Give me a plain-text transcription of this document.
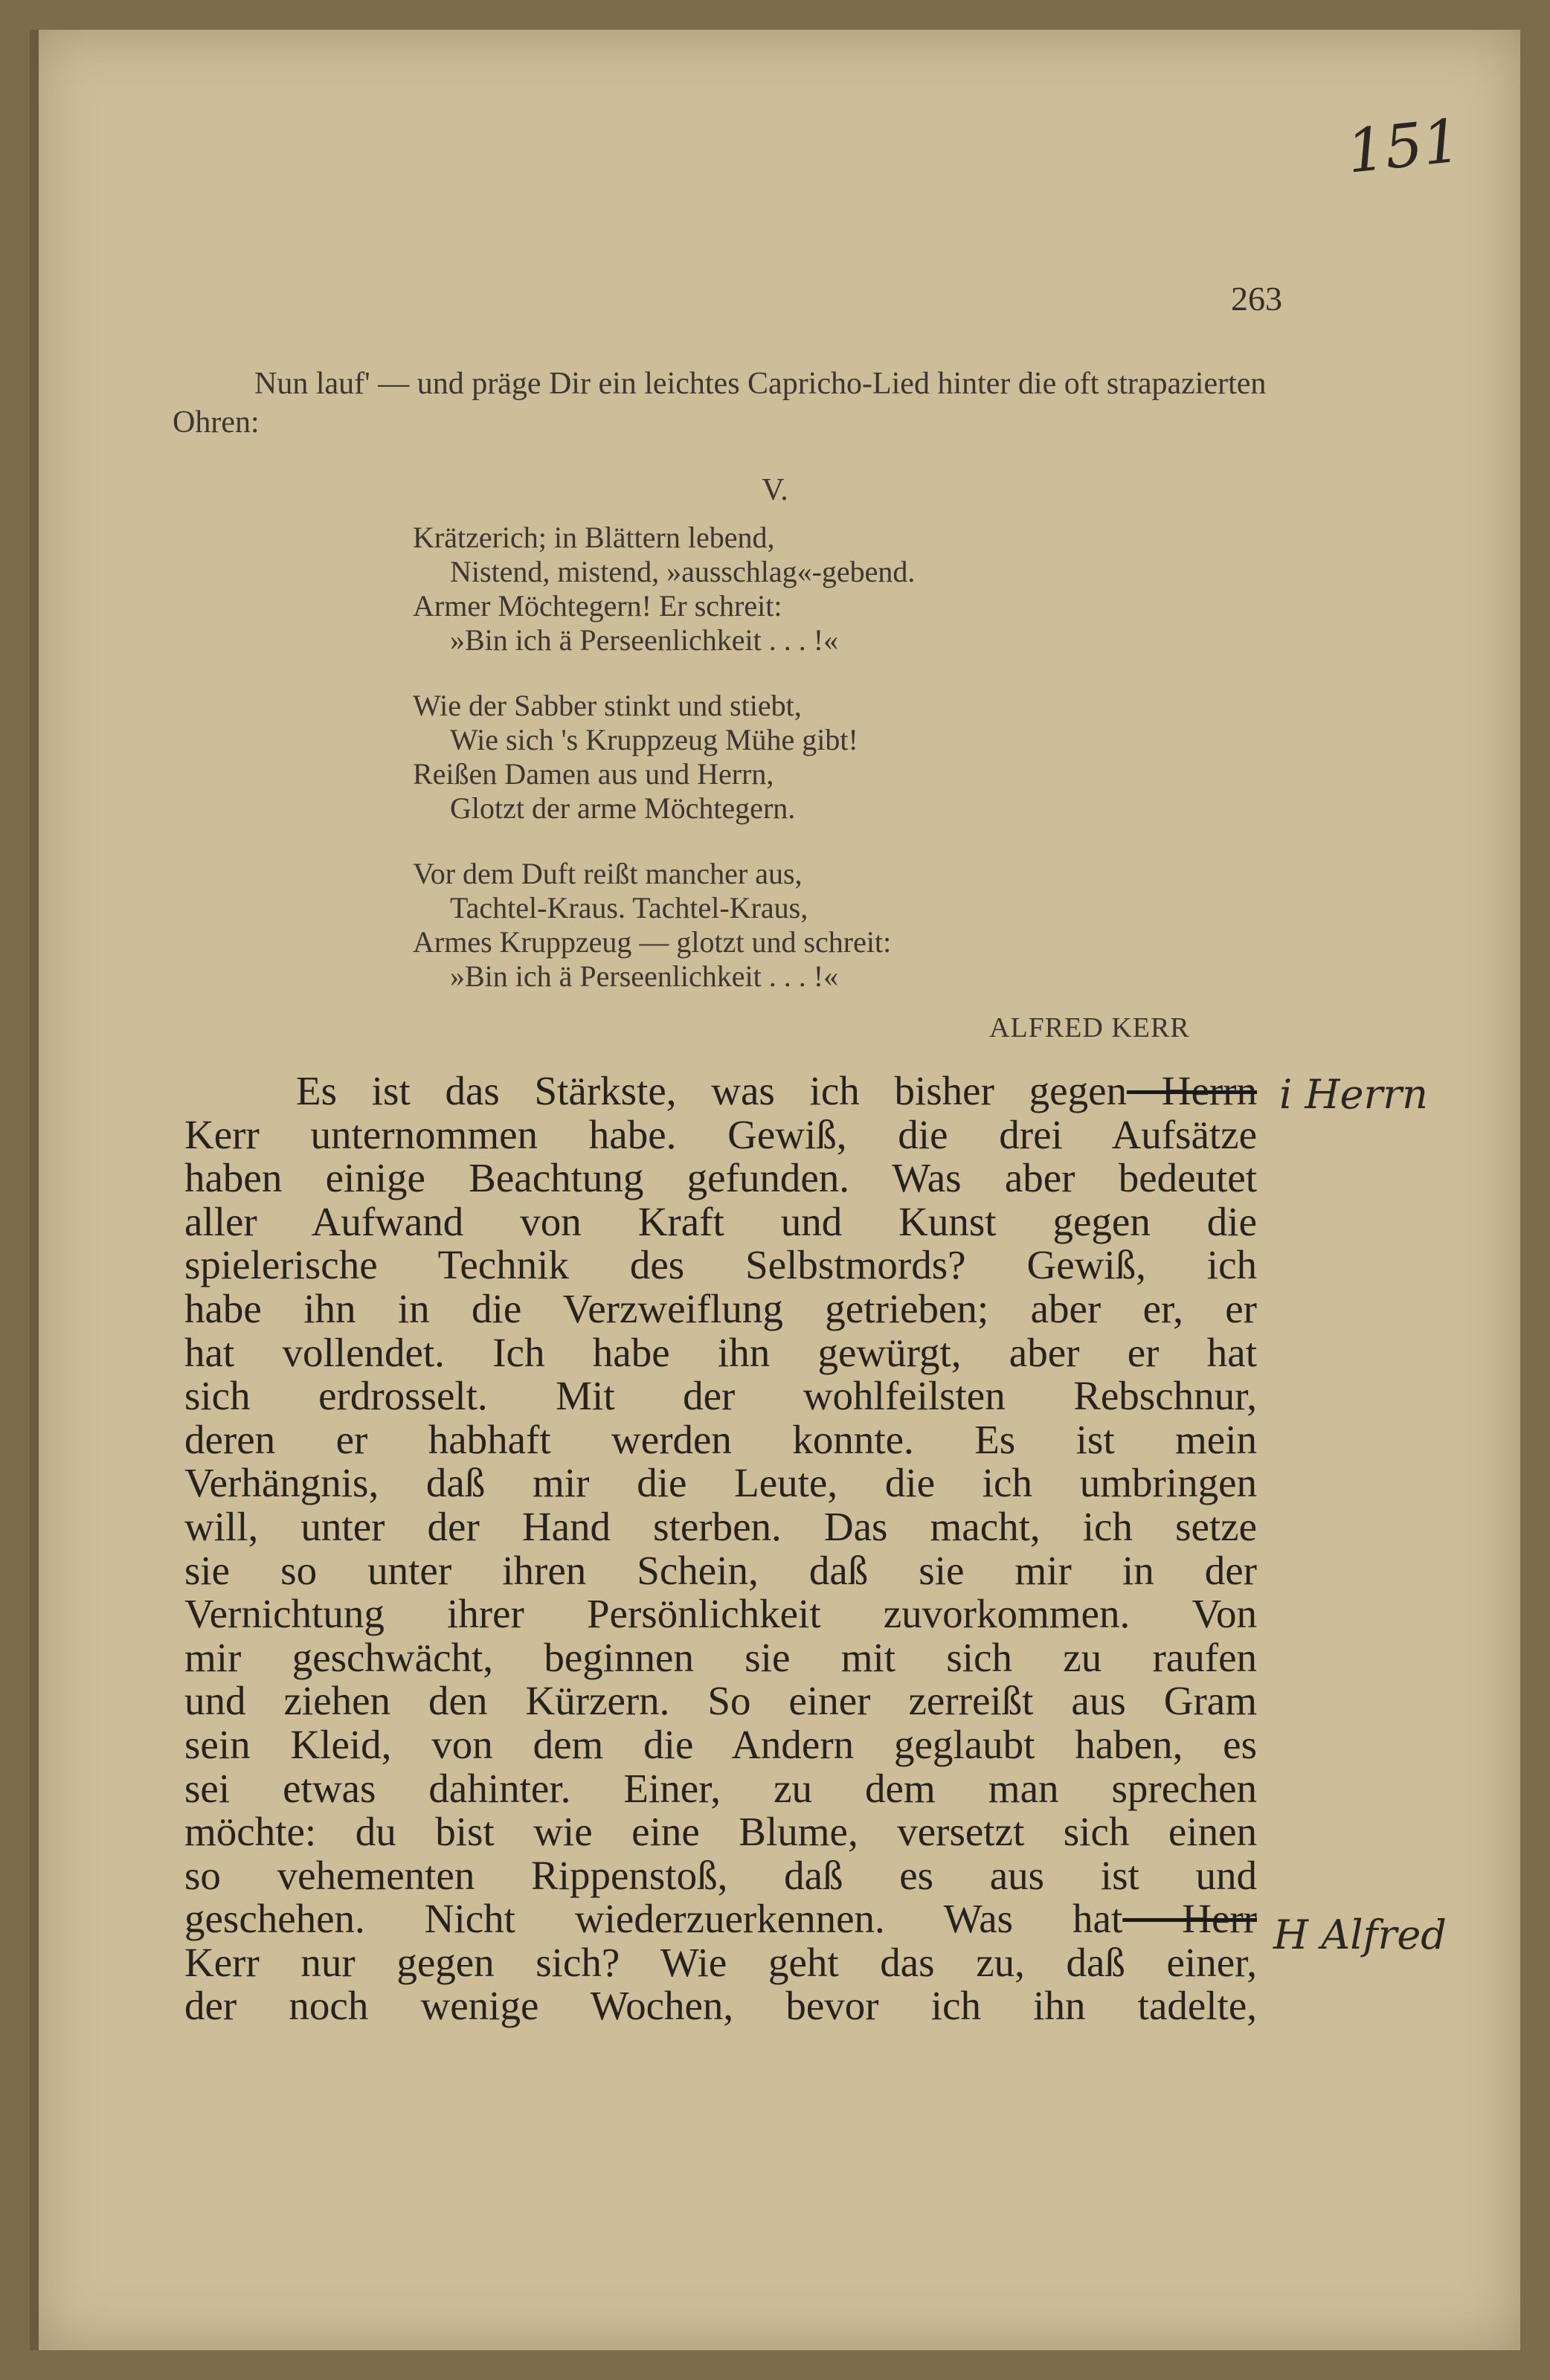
151
263
Nun lauf' — und präge Dir ein leichtes Capricho-Lied hinter die oft strapazierten Ohren:
V.
Krätzerich; in Blättern lebend,
Nistend, mistend, »ausschlag«-gebend.
Armer Möchtegern! Er schreit:
»Bin ich ä Perseenlichkeit . . . !«
Wie der Sabber stinkt und stiebt,
Wie sich 's Kruppzeug Mühe gibt!
Reißen Damen aus und Herrn,
Glotzt der arme Möchtegern.
Vor dem Duft reißt mancher aus,
Tachtel-Kraus. Tachtel-Kraus,
Armes Kruppzeug — glotzt und schreit:
»Bin ich ä Perseenlichkeit . . . !«
ALFRED KERR
Es ist das Stärkste, was ich bisher gegen Herrn
Kerr unternommen habe. Gewiß, die drei Aufsätze
haben einige Beachtung gefunden. Was aber bedeutet
aller Aufwand von Kraft und Kunst gegen die
spielerische Technik des Selbstmords? Gewiß, ich
habe ihn in die Verzweiflung getrieben; aber er, er
hat vollendet. Ich habe ihn gewürgt, aber er hat
sich erdrosselt. Mit der wohlfeilsten Rebschnur,
deren er habhaft werden konnte. Es ist mein
Verhängnis, daß mir die Leute, die ich umbringen
will, unter der Hand sterben. Das macht, ich setze
sie so unter ihren Schein, daß sie mir in der
Vernichtung ihrer Persönlichkeit zuvorkommen. Von
mir geschwächt, beginnen sie mit sich zu raufen
und ziehen den Kürzern. So einer zerreißt aus Gram
sein Kleid, von dem die Andern geglaubt haben, es
sei etwas dahinter. Einer, zu dem man sprechen
möchte: du bist wie eine Blume, versetzt sich einen
so vehementen Rippenstoß, daß es aus ist und
geschehen. Nicht wiederzuerkennen. Was hat Herr
Kerr nur gegen sich? Wie geht das zu, daß einer,
der noch wenige Wochen, bevor ich ihn tadelte,
i Herrn
H Alfred
